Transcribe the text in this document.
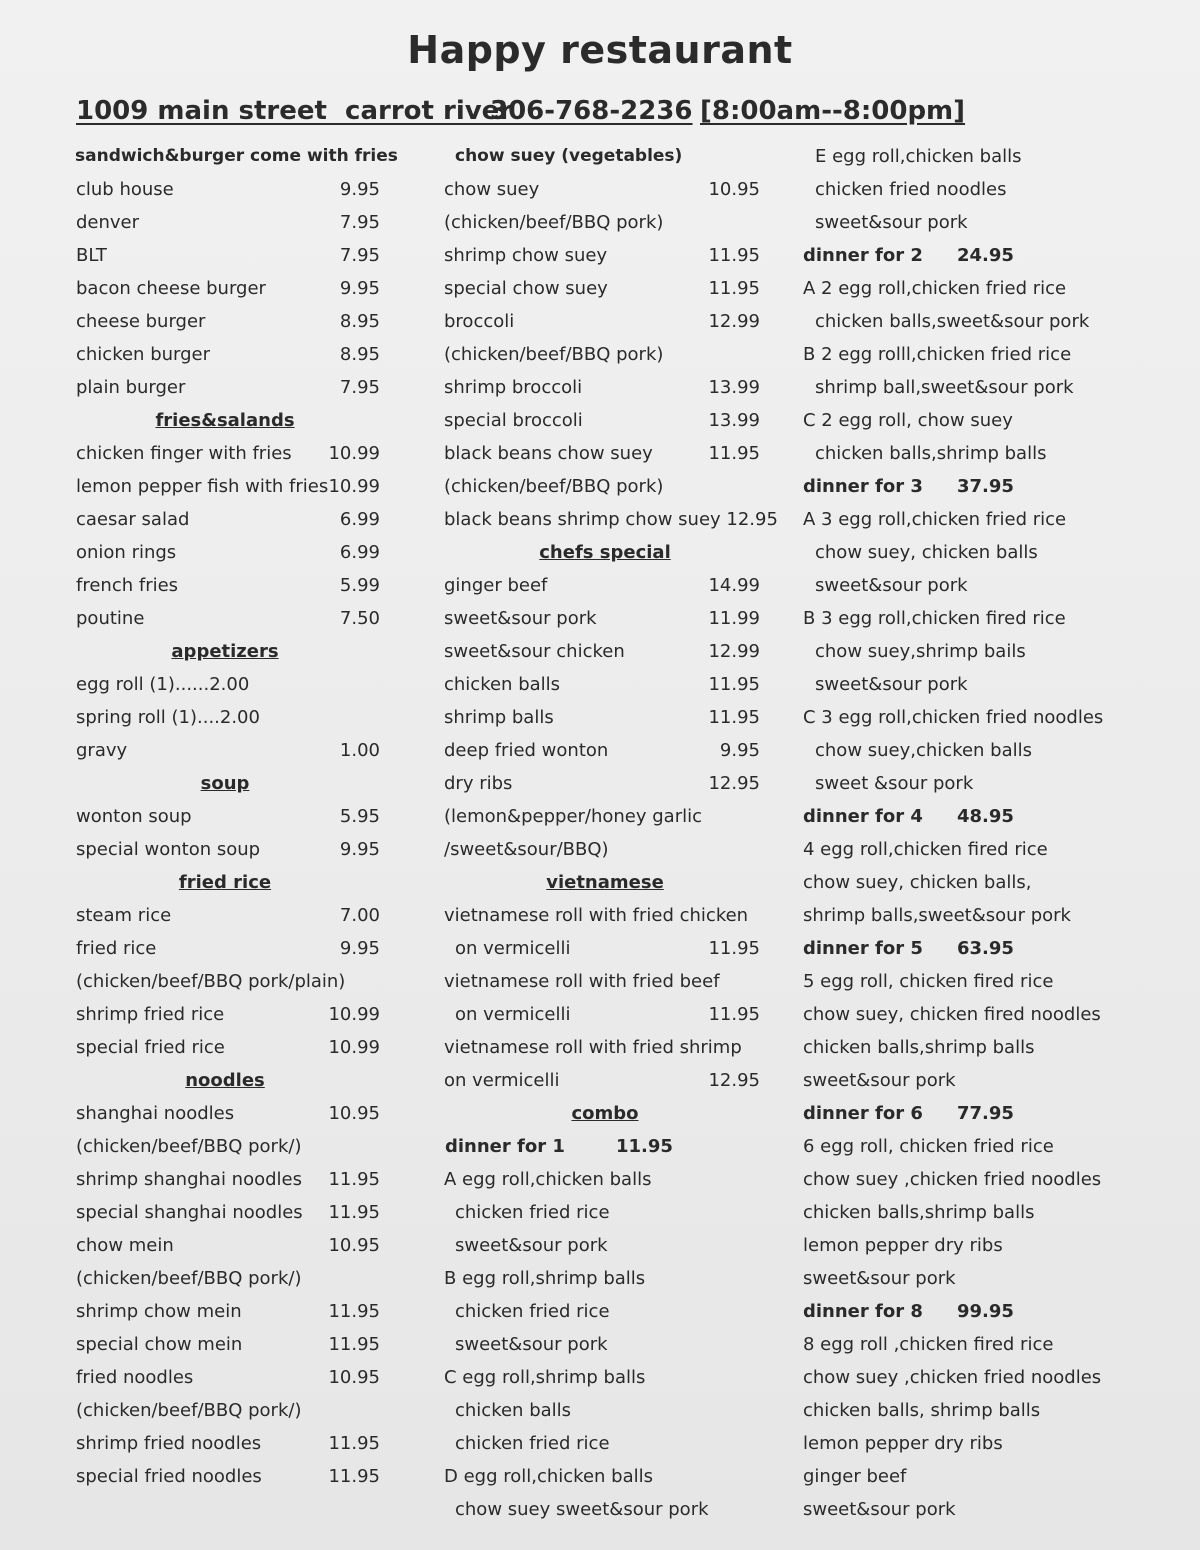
Happy restaurant
1009 main street  carrot river
306-768-2236 [8:00am--8:00pm]
sandwich&burger come with fries
club house	9.95
denver	7.95
BLT	7.95
bacon cheese burger	9.95
cheese burger	8.95
chicken burger	8.95
plain burger	7.95
fries&salands
chicken finger with fries 10.99
lemon pepper fish with fries 10.99
caesar salad	6.99
onion rings	6.99
french fries	5.99
poutine	7.50
appetizers
egg roll (1)......2.00
spring roll (1)....2.00
gravy	1.00
soup
wonton soup	5.95
special wonton soup	9.95
fried rice
steam rice	7.00
fried rice	9.95
(chicken/beef/BBQ pork/plain)
shrimp fried rice	10.99
special fried rice	10.99
noodles
shanghai noodles	10.95
(chicken/beef/BBQ pork/)
shrimp shanghai noodles 11.95
special shanghai noodles 11.95
chow mein	10.95
(chicken/beef/BBQ pork/)
shrimp chow mein	11.95
special chow mein	11.95
fried noodles	10.95
(chicken/beef/BBQ pork/)
shrimp fried noodles	11.95
special fried noodles	11.95
chow suey (vegetables)
chow suey	10.95
(chicken/beef/BBQ pork)
shrimp chow suey	11.95
special chow suey	11.95
broccoli	12.99
(chicken/beef/BBQ pork)
shrimp broccoli	13.99
special broccoli	13.99
black beans chow suey	11.95
(chicken/beef/BBQ pork)
black beans shrimp chow suey 12.95
chefs special
ginger beef	14.99
sweet&sour pork	11.99
sweet&sour chicken	12.99
chicken balls	11.95
shrimp balls	11.95
deep fried wonton	9.95
dry ribs	12.95
(lemon&pepper/honey garlic
/sweet&sour/BBQ)
vietnamese
vietnamese roll with fried chicken
on vermicelli	11.95
vietnamese roll with fried beef
on vermicelli	11.95
vietnamese roll with fried shrimp
on vermicelli	12.95
combo
dinner for 1	11.95
A egg roll,chicken balls
chicken fried rice
sweet&sour pork
B egg roll,shrimp balls
chicken fried rice
sweet&sour pork
C egg roll,shrimp balls
chicken balls
chicken fried rice
D egg roll,chicken balls
chow suey sweet&sour pork
E egg roll,chicken balls
chicken fried noodles
sweet&sour pork
dinner for 2 24.95
A 2 egg roll,chicken fried rice
chicken balls,sweet&sour pork
B 2 egg rolll,chicken fried rice
shrimp ball,sweet&sour pork
C 2 egg roll, chow suey
chicken balls,shrimp balls
dinner for 3 37.95
A 3 egg roll,chicken fried rice
chow suey, chicken balls
sweet&sour pork
B 3 egg roll,chicken fired rice
chow suey,shrimp bails
sweet&sour pork
C 3 egg roll,chicken fried noodles
chow suey,chicken balls
sweet &sour pork
dinner for 4 48.95
4 egg roll,chicken fired rice
chow suey, chicken balls,
shrimp balls,sweet&sour pork
dinner for 5 63.95
5 egg roll, chicken fired rice
chow suey, chicken fired noodles
chicken balls,shrimp balls
sweet&sour pork
dinner for 6 77.95
6 egg roll, chicken fried rice
chow suey ,chicken fried noodles
chicken balls,shrimp balls
lemon pepper dry ribs
sweet&sour pork
dinner for 8 99.95
8 egg roll ,chicken fired rice
chow suey ,chicken fried noodles
chicken balls, shrimp balls
lemon pepper dry ribs
ginger beef
sweet&sour pork
